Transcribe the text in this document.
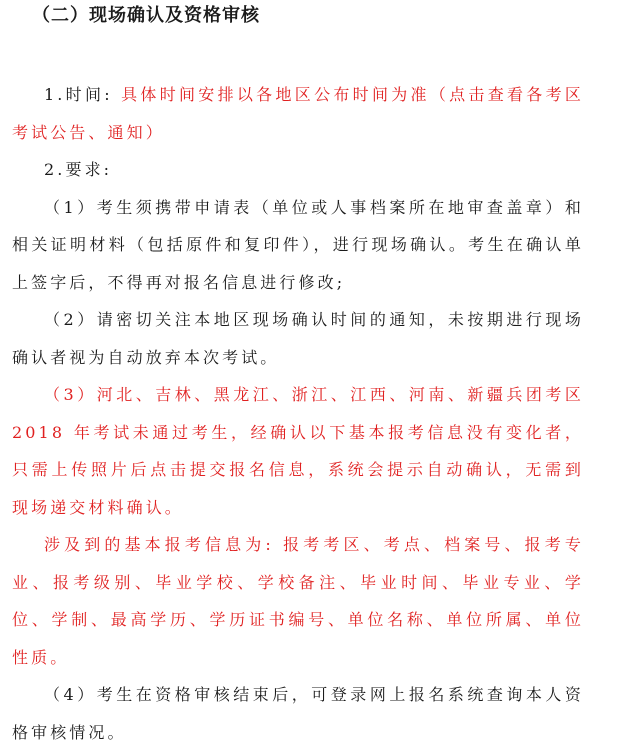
（二）现场确认及资格审核

1.时间: 具体时间安排以各地区公布时间为准（点击查看各考区考试公告、通知）

2.要求:

（1）考生须携带申请表（单位或人事档案所在地审查盖章）和相关证明材料（包括原件和复印件），进行现场确认。考生在确认单上签字后，不得再对报名信息进行修改;

（2）请密切关注本地区现场确认时间的通知，未按期进行现场确认者视为自动放弃本次考试。

（3）河北、吉林、黑龙江、浙江、江西、河南、新疆兵团考区2018 年考试未通过考生，经确认以下基本报考信息没有变化者，只需上传照片后点击提交报名信息，系统会提示自动确认，无需到现场递交材料确认。

涉及到的基本报考信息为: 报考考区、考点、档案号、报考专业、报考级别、毕业学校、学校备注、毕业时间、毕业专业、学位、学制、最高学历、学历证书编号、单位名称、单位所属、单位性质。

（4）考生在资格审核结束后，可登录网上报名系统查询本人资格审核情况。
